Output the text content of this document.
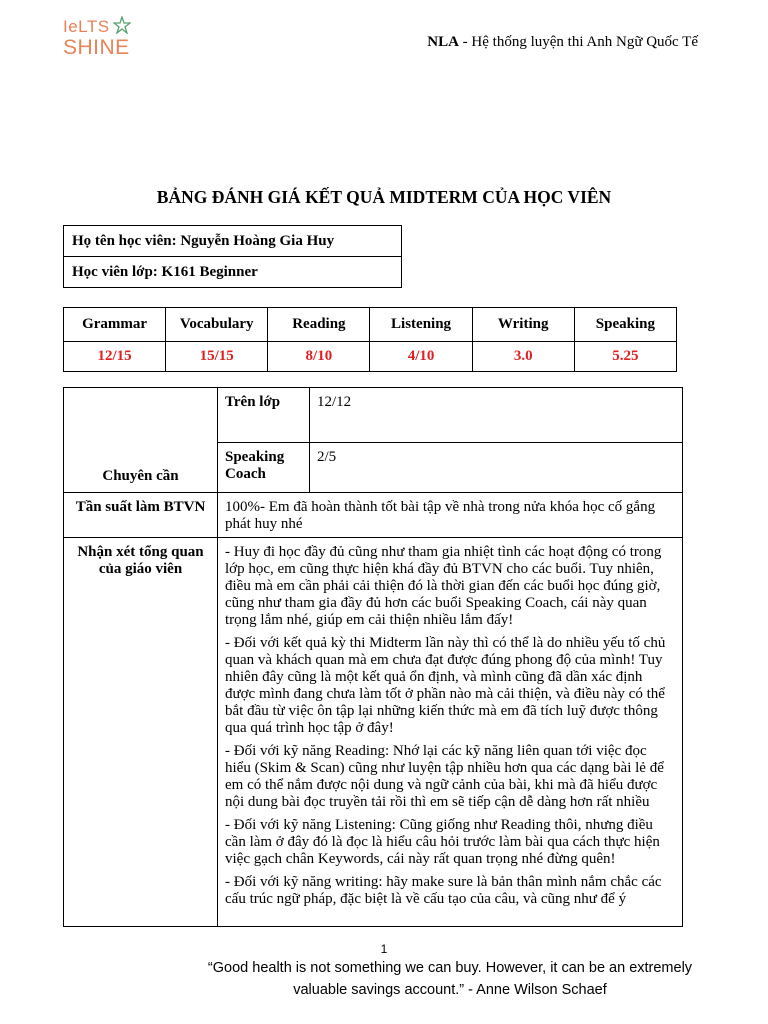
IeLTS
SHINE	NLA - Hệ thống luyện thi Anh Ngữ Quốc Tế
BẢNG ĐÁNH GIÁ KẾT QUẢ MIDTERM CỦA HỌC VIÊN
Họ tên học viên: Nguyễn Hoàng Gia Huy
Học viên lớp: K161 Beginner
Grammar	Vocabulary	Reading	Listening	Writing	Speaking
12/15	15/15	8/10	4/10	3.0	5.25
Chuyên cần	Trên lớp	12/12
	Speaking Coach	2/5
Tần suất làm BTVN	100%- Em đã hoàn thành tốt bài tập về nhà trong nửa khóa học cố gắng phát huy nhé	
Nhận xét tổng quan của giáo viên	- Huy đi học đầy đủ cũng như tham gia nhiệt tình các hoạt động có trong lớp học, em cũng thực hiện khá đầy đủ BTVN cho các buổi. Tuy nhiên, điều mà em cần phải cải thiện đó là thời gian đến các buổi học đúng giờ, cũng như tham gia đầy đủ hơn các buổi Speaking Coach, cái này quan trọng lắm nhé, giúp em cải thiện nhiều lắm đấy!

- Đối với kết quả kỳ thi Midterm lần này thì có thể là do nhiều yếu tố chủ quan và khách quan mà em chưa đạt được đúng phong độ của mình! Tuy nhiên đây cũng là một kết quả ổn định, và mình cũng đã dần xác định được mình đang chưa làm tốt ở phần nào mà cải thiện, và điều này có thể bắt đầu từ việc ôn tập lại những kiến thức mà em đã tích luỹ được thông qua quá trình học tập ở đây!

- Đối với kỹ năng Reading: Nhớ lại các kỹ năng liên quan tới việc đọc hiểu (Skim & Scan) cũng như luyện tập nhiều hơn qua các dạng bài lẻ để em có thể nắm được nội dung và ngữ cảnh của bài, khi mà đã hiểu được nội dung bài đọc truyền tải rồi thì em sẽ tiếp cận dễ dàng hơn rất nhiều

- Đối với kỹ năng Listening: Cũng giống như Reading thôi, nhưng điều cần làm ở đây đó là đọc là hiểu câu hỏi trước làm bài qua cách thực hiện việc gạch chân Keywords, cái này rất quan trọng nhé đừng quên!

- Đối với kỹ năng writing: hãy make sure là bản thân mình nắm chắc các cấu trúc ngữ pháp, đặc biệt là về cấu tạo của câu, và cũng như để ý	

1
“Good health is not something we can buy. However, it can be an extremely
valuable savings account.” - Anne Wilson Schaef
